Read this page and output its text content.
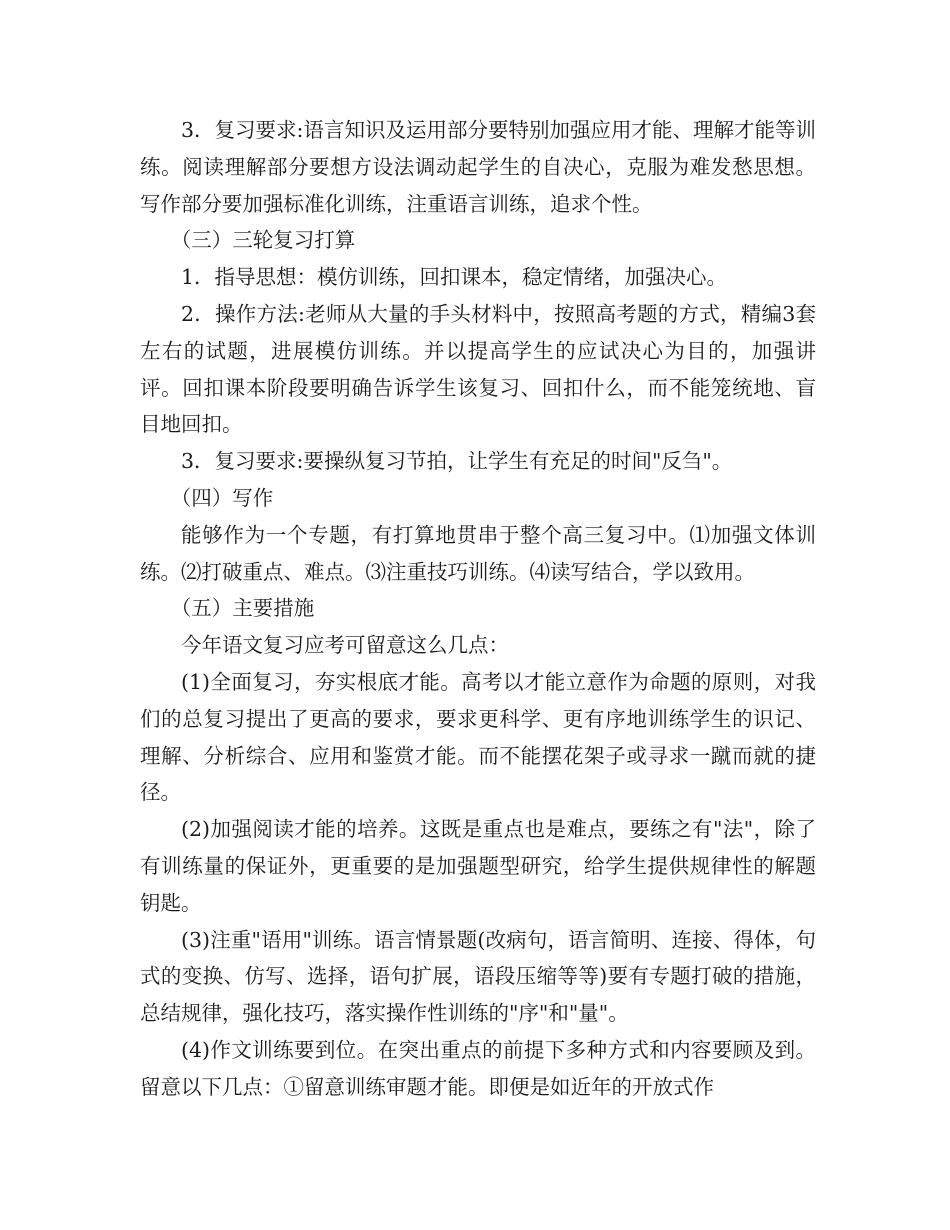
3．复习要求:语言知识及运用部分要特别加强应用才能、理解才能等训练。阅读理解部分要想方设法调动起学生的自决心，克服为难发愁思想。写作部分要加强标准化训练，注重语言训练，追求个性。

（三）三轮复习打算

1．指导思想：模仿训练，回扣课本，稳定情绪，加强决心。

2．操作方法:老师从大量的手头材料中，按照高考题的方式，精编3套左右的试题，进展模仿训练。并以提高学生的应试决心为目的，加强讲评。回扣课本阶段要明确告诉学生该复习、回扣什么，而不能笼统地、盲目地回扣。

3．复习要求:要操纵复习节拍，让学生有充足的时间"反刍"。

（四）写作

能够作为一个专题，有打算地贯串于整个高三复习中。⑴加强文体训练。⑵打破重点、难点。⑶注重技巧训练。⑷读写结合，学以致用。

（五）主要措施

今年语文复习应考可留意这么几点：

(1)全面复习，夯实根底才能。高考以才能立意作为命题的原则，对我们的总复习提出了更高的要求，要求更科学、更有序地训练学生的识记、理解、分析综合、应用和鉴赏才能。而不能摆花架子或寻求一蹴而就的捷径。

(2)加强阅读才能的培养。这既是重点也是难点，要练之有"法"，除了有训练量的保证外，更重要的是加强题型研究，给学生提供规律性的解题钥匙。

(3)注重"语用"训练。语言情景题(改病句，语言简明、连接、得体，句式的变换、仿写、选择，语句扩展，语段压缩等等)要有专题打破的措施，总结规律，强化技巧，落实操作性训练的"序"和"量"。

(4)作文训练要到位。在突出重点的前提下多种方式和内容要顾及到。留意以下几点：①留意训练审题才能。即便是如近年的开放式作
